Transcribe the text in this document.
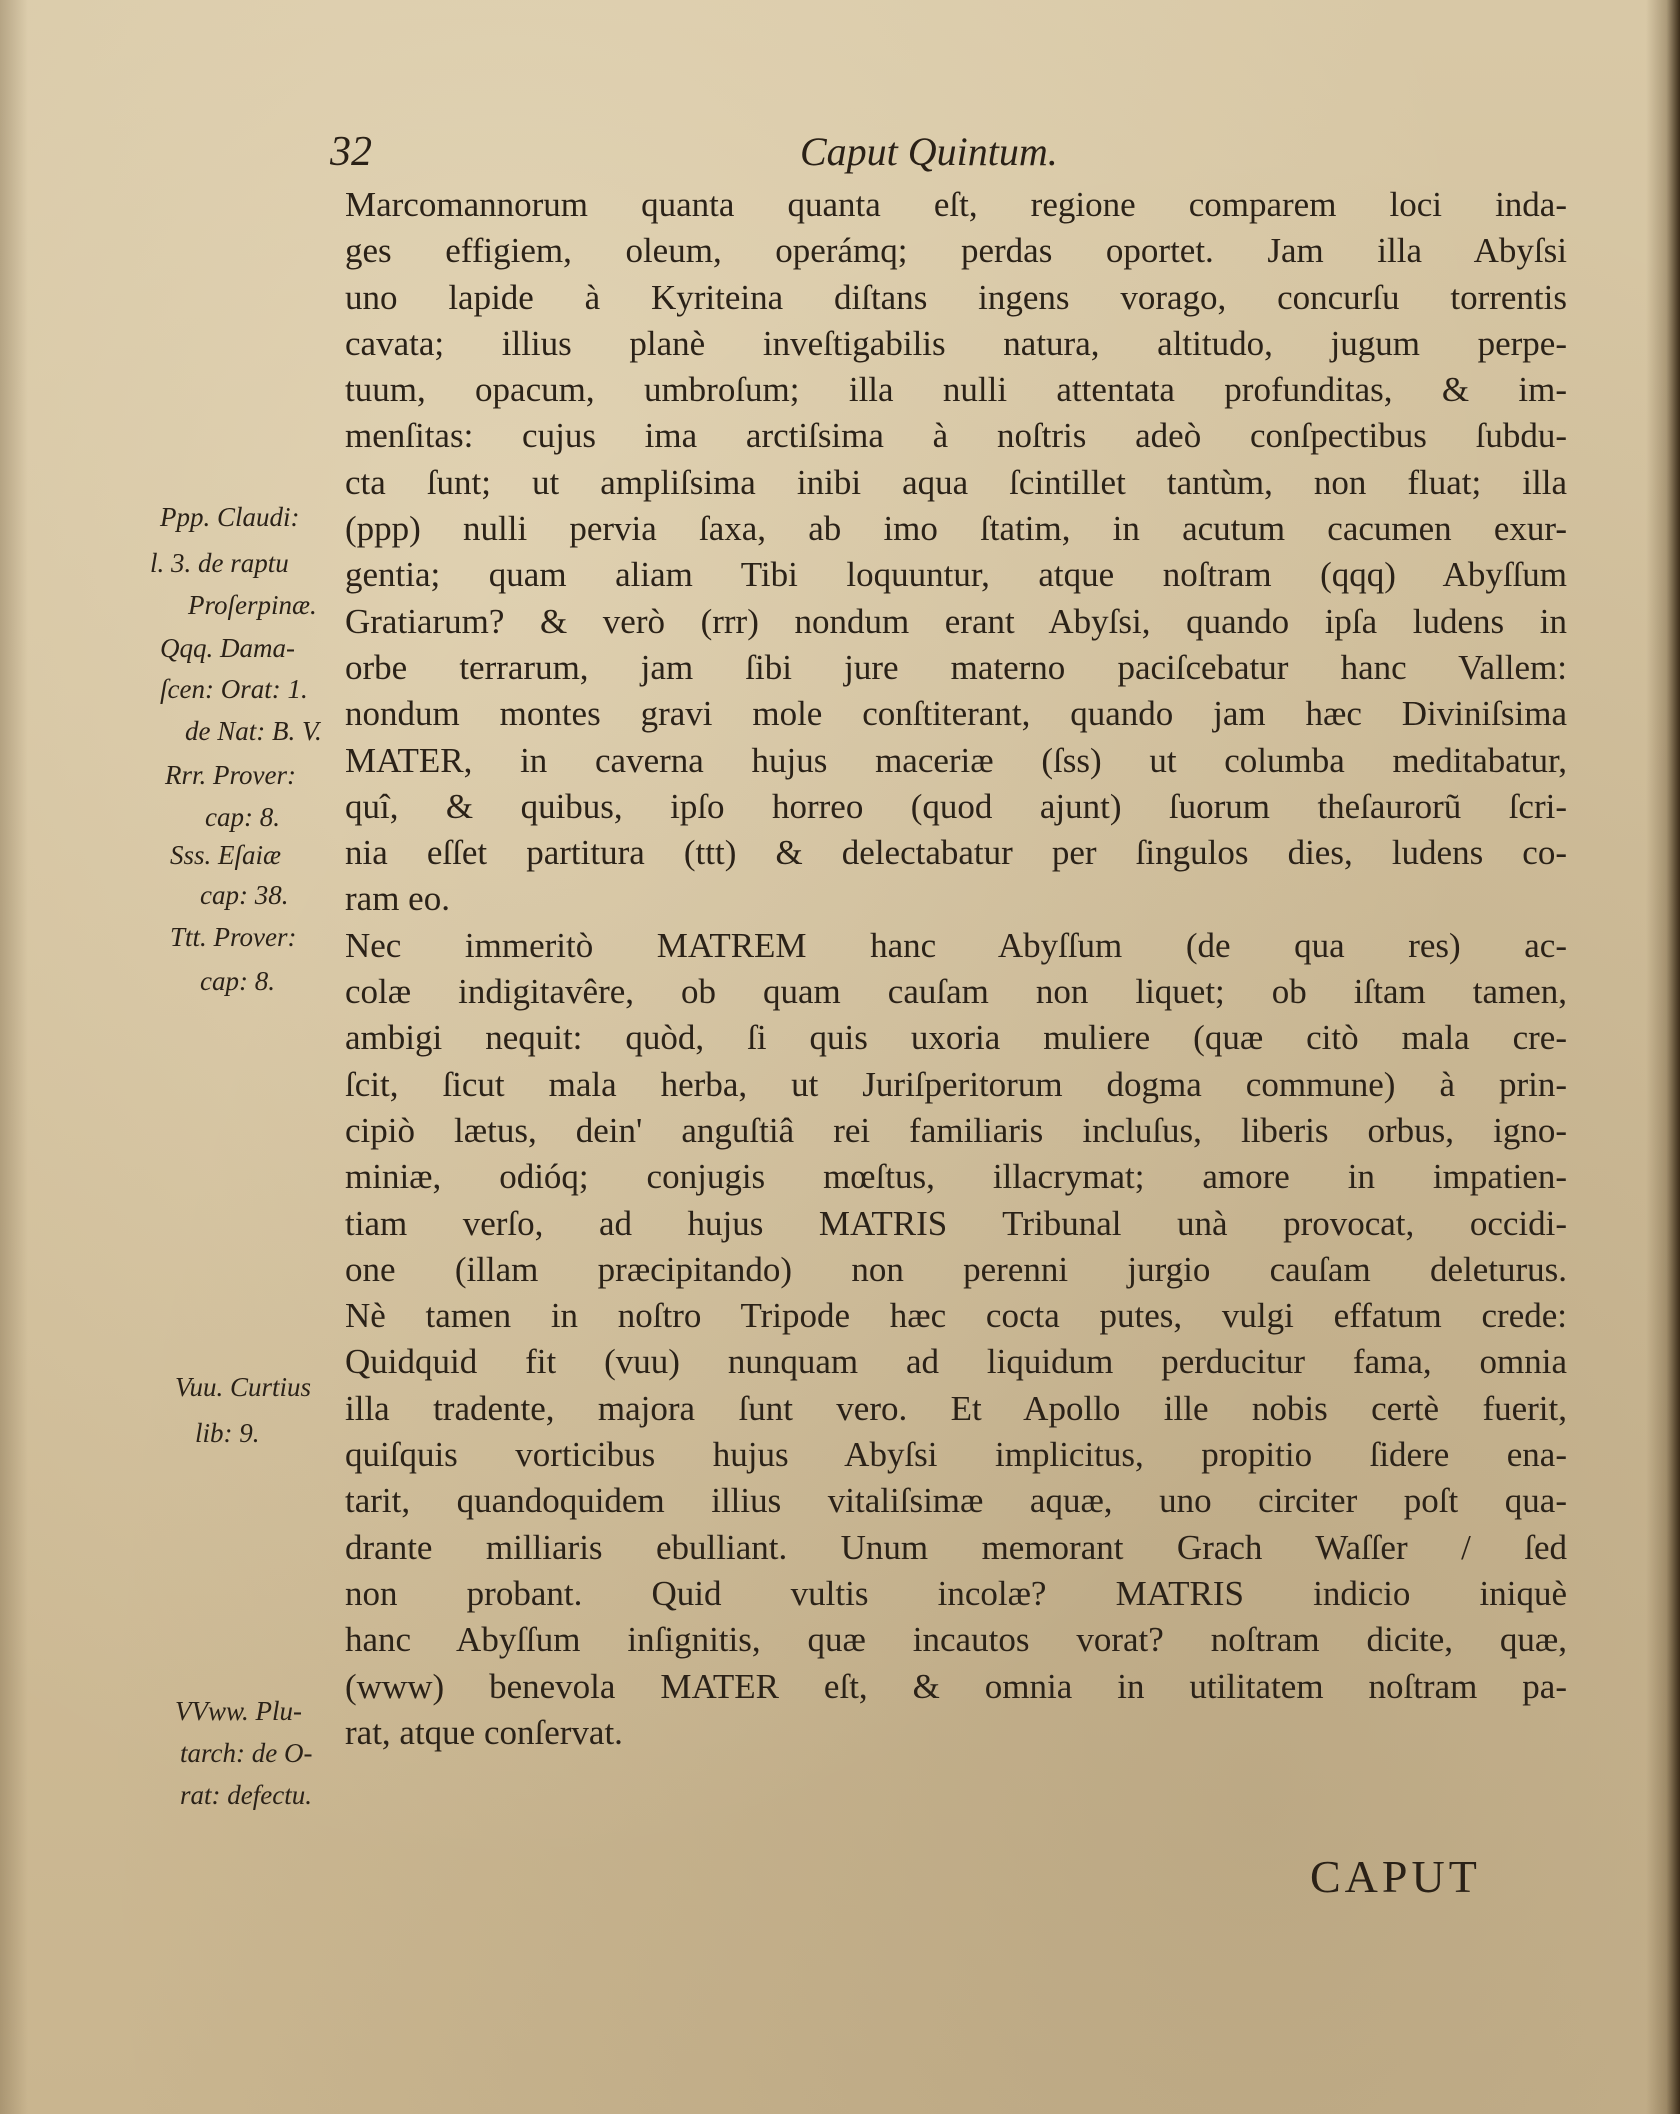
32	Caput Quintum.
Marcomannorum quanta quanta eſt, regione comparem loci inda-
ges effigiem, oleum, operámq; perdas oportet. Jam illa Abyſsi
uno lapide à Kyriteina diſtans ingens vorago, concurſu torrentis
cavata; illius planè inveſtigabilis natura, altitudo, jugum perpe-
tuum, opacum, umbroſum; illa nulli attentata profunditas, & im-
menſitas: cujus ima arctiſsima à noſtris adeò conſpectibus ſubdu-
cta ſunt; ut ampliſsima inibi aqua ſcintillet tantùm, non fluat; illa
(ppp) nulli pervia ſaxa, ab imo ſtatim, in acutum cacumen exur-
gentia; quam aliam Tibi loquuntur, atque noſtram (qqq) Abyſſum
Gratiarum? & verò (rrr) nondum erant Abyſsi, quando ipſa ludens in
orbe terrarum, jam ſibi jure materno paciſcebatur hanc Vallem:
nondum montes gravi mole conſtiterant, quando jam hæc Diviniſsima
MATER, in caverna hujus maceriæ (ſss) ut columba meditabatur,
quî, & quibus, ipſo horreo (quod ajunt) ſuorum theſaurorũ ſcri-
nia eſſet partitura (ttt) & delectabatur per ſingulos dies, ludens co-
ram eo.
Nec immeritò MATREM hanc Abyſſum (de qua res) ac-
colæ indigitavêre, ob quam cauſam non liquet; ob iſtam tamen,
ambigi nequit: quòd, ſi quis uxoria muliere (quæ citò mala cre-
ſcit, ſicut mala herba, ut Juriſperitorum dogma commune) à prin-
cipiò lætus, dein' anguſtiâ rei familiaris incluſus, liberis orbus, igno-
miniæ, odióq; conjugis mœſtus, illacrymat; amore in impatien-
tiam verſo, ad hujus MATRIS Tribunal unà provocat, occidi-
one (illam præcipitando) non perenni jurgio cauſam deleturus.
Nè tamen in noſtro Tripode hæc cocta putes, vulgi effatum crede:
Quidquid fit (vuu) nunquam ad liquidum perducitur fama, omnia
illa tradente, majora ſunt vero. Et Apollo ille nobis certè fuerit,
quiſquis vorticibus hujus Abyſsi implicitus, propitio ſidere ena-
tarit, quandoquidem illius vitaliſsimæ aquæ, uno circiter poſt qua-
drante milliaris ebulliant. Unum memorant Grach Waſſer / ſed
non probant. Quid vultis incolæ? MATRIS indicio iniquè
hanc Abyſſum inſignitis, quæ incautos vorat? noſtram dicite, quæ,
(www) benevola MATER eſt, & omnia in utilitatem noſtram pa-
rat, atque conſervat.
Ppp. Claudi:
l. 3. de raptu
Proſerpinæ.
Qqq. Dama-
ſcen: Orat: 1.
de Nat: B. V.
Rrr. Prover:
cap: 8.
Sss. Eſaiæ
cap: 38.
Ttt. Prover:
cap: 8.
Vuu. Curtius
lib: 9.
VVww. Plu-
tarch: de O-
rat: defectu.
CAPUT
